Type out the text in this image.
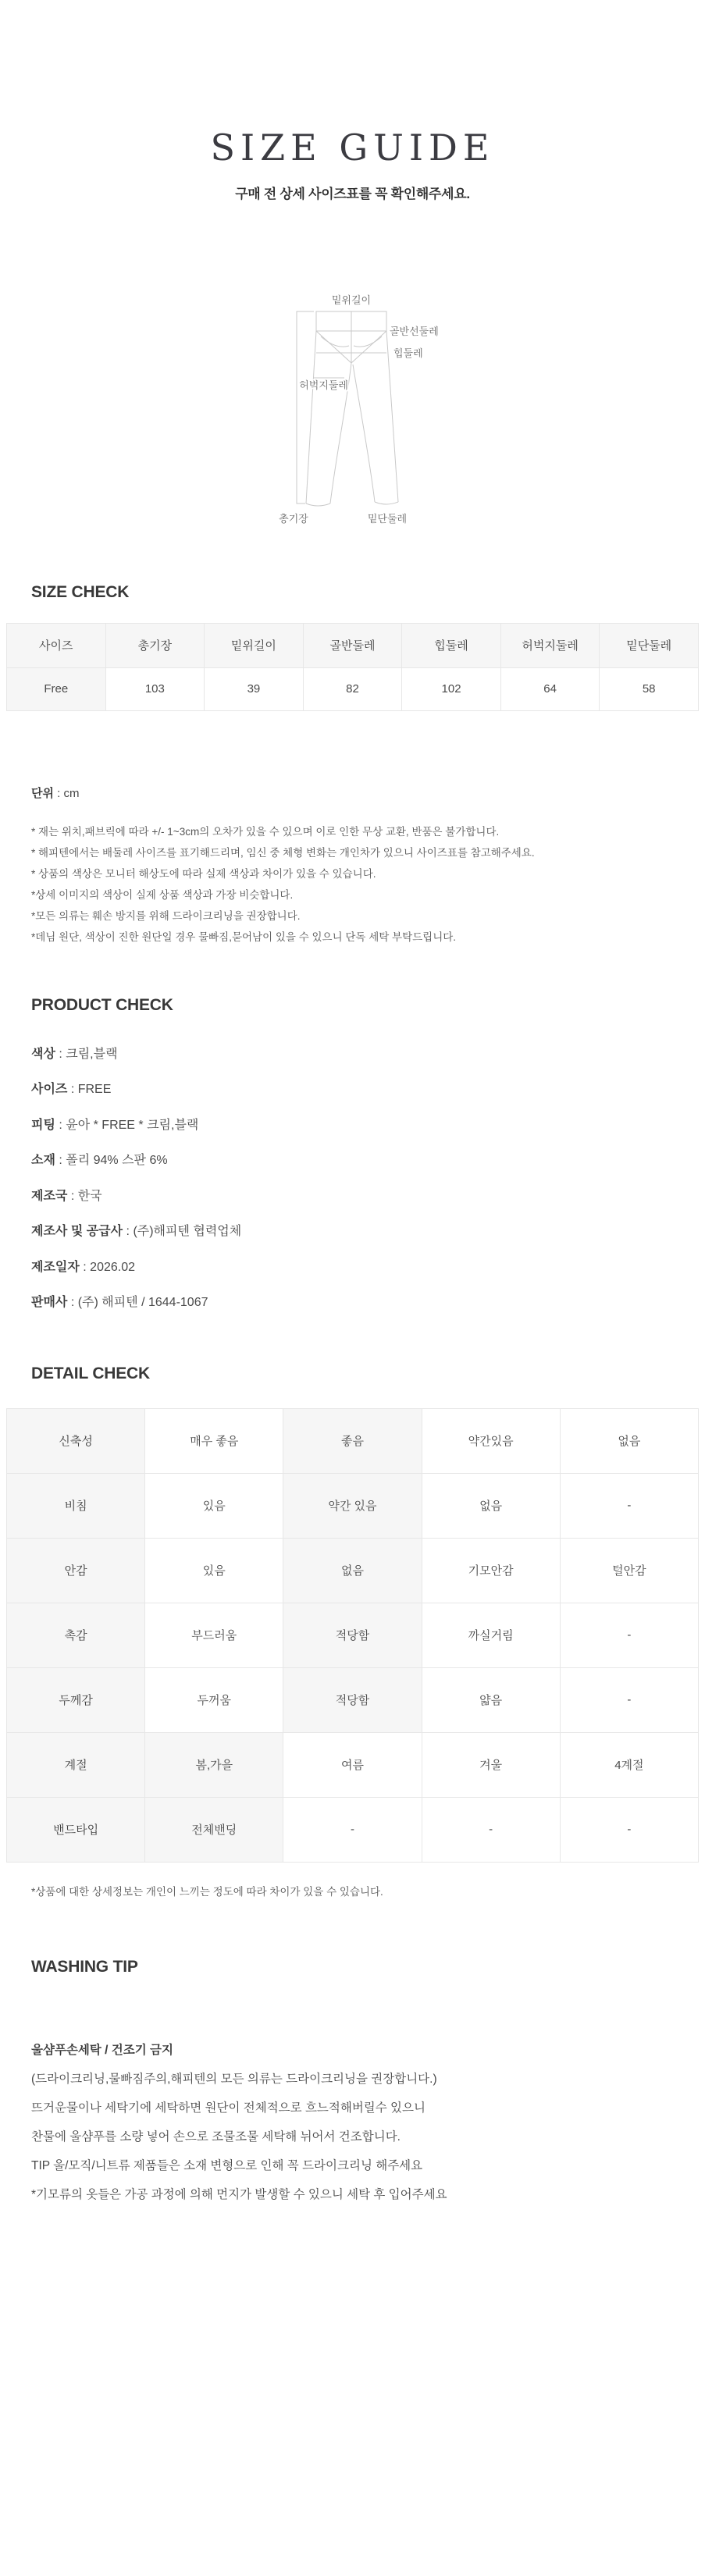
SIZE GUIDE

구매 전 상세 사이즈표를 꼭 확인해주세요.

밑위길이
골반선둘레
힙둘레
허벅지둘레
총기장	밑단둘레
SIZE CHECK
사이즈	총기장	밑위길이	골반둘레	힙둘레	허벅지둘레	밑단둘레
Free	103	39	82	102	64	58

단위 : cm

* 재는 위치,패브릭에 따라 +/- 1~3cm의 오차가 있을 수 있으며 이로 인한 무상 교환, 반품은 불가합니다.
* 해피텐에서는 배둘레 사이즈를 표기해드리며, 임신 중 체형 변화는 개인차가 있으니 사이즈표를 참고해주세요.
* 상품의 색상은 모니터 해상도에 따라 실제 색상과 차이가 있을 수 있습니다.
*상세 이미지의 색상이 실제 상품 색상과 가장 비슷합니다.
*모든 의류는 훼손 방지를 위해 드라이크리닝을 권장합니다.
*데님 원단, 색상이 진한 원단일 경우 물빠짐,묻어남이 있을 수 있으니 단독 세탁 부탁드립니다.
PRODUCT CHECK
색상 : 크림,블랙
사이즈 : FREE
피팅 : 윤아 * FREE * 크림,블랙
소재 : 폴리 94% 스판 6%
제조국 : 한국
제조사 및 공급사 : (주)해피텐 협력업체
제조일자 : 2026.02
판매사 : (주) 해피텐 / 1644-1067
DETAIL CHECK
신축성	매우 좋음	좋음	약간있음	없음
비침	있음	약간 있음	없음	-
안감	있음	없음	기모안감	털안감
촉감	부드러움	적당함	까실거림	-
두께감	두꺼움	적당함	얇음	-
계절	봄,가을	여름	겨울	4계절
밴드타입	전체밴딩	-	-	-

*상품에 대한 상세정보는 개인이 느끼는 정도에 따라 차이가 있을 수 있습니다.

WASHING TIP
울샴푸손세탁 / 건조기 금지
(드라이크리닝,물빠짐주의,해피텐의 모든 의류는 드라이크리닝을 권장합니다.)
뜨거운물이나 세탁기에 세탁하면 원단이 전체적으로 흐느적해버릴수 있으니
찬물에 울샴푸를 소량 넣어 손으로 조물조물 세탁해 뉘어서 건조합니다.
TIP 울/모직/니트류 제품들은 소재 변형으로 인해 꼭 드라이크리닝 해주세요
*기모류의 옷들은 가공 과정에 의해 먼지가 발생할 수 있으니 세탁 후 입어주세요
